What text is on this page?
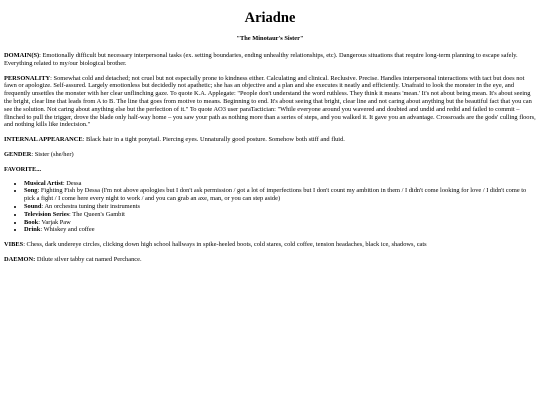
Ariadne
"The Minotaur's Sister"

DOMAIN(S): Emotionally difficult but necessary interpersonal tasks (ex. setting boundaries, ending unhealthy relationships, etc). Dangerous situations that require long-term planning to escape safely. Everything related to my/our biological brother.

PERSONALITY: Somewhat cold and detached; not cruel but not especially prone to kindness either. Calculating and clinical. Reclusive. Precise. Handles interpersonal interactions with tact but does not fawn or apologize. Self-assured. Largely emotionless but decidedly not apathetic; she has an objective and a plan and she executes it neatly and efficiently. Unafraid to look the monster in the eye, and frequently unsettles the monster with her clear unflinching gaze. To quote K.A. Applegate: "People don't understand the word ruthless. They think it means 'mean.' It's not about being mean. It's about seeing the bright, clear line that leads from A to B. The line that goes from motive to means. Beginning to end. It's about seeing that bright, clear line and not caring about anything but the beautiful fact that you can see the solution. Not caring about anything else but the perfection of it." To quote AO3 user paraTactician: "While everyone around you wavered and doubted and undid and redid and failed to commit – flinched to pull the trigger, drove the blade only half-way home – you saw your path as nothing more than a series of steps, and you walked it. It gave you an advantage. Crossroads are the gods' culling floors, and nothing kills like indecision."

INTERNAL APPEARANCE: Black hair in a tight ponytail. Piercing eyes. Unnaturally good posture. Somehow both stiff and fluid.

GENDER: Sister (she/her)

FAVORITE...

• Musical Artist: Dessa
• Song: Fighting Fish by Dessa (I'm not above apologies but I don't ask permission / got a lot of imperfections but I don't count my ambition in them / I didn't come looking for love / I didn't come to pick a fight / I come here every night to work / and you can grab an axe, man, or you can step aside)
• Sound: An orchestra tuning their instruments
• Television Series: The Queen's Gambit
• Book: Varjak Paw
• Drink: Whiskey and coffee

VIBES: Chess, dark undereye circles, clicking down high school hallways in spike-heeled boots, cold stares, cold coffee, tension headaches, black ice, shadows, cats

DAEMON: Dilute silver tabby cat named Perchance.
